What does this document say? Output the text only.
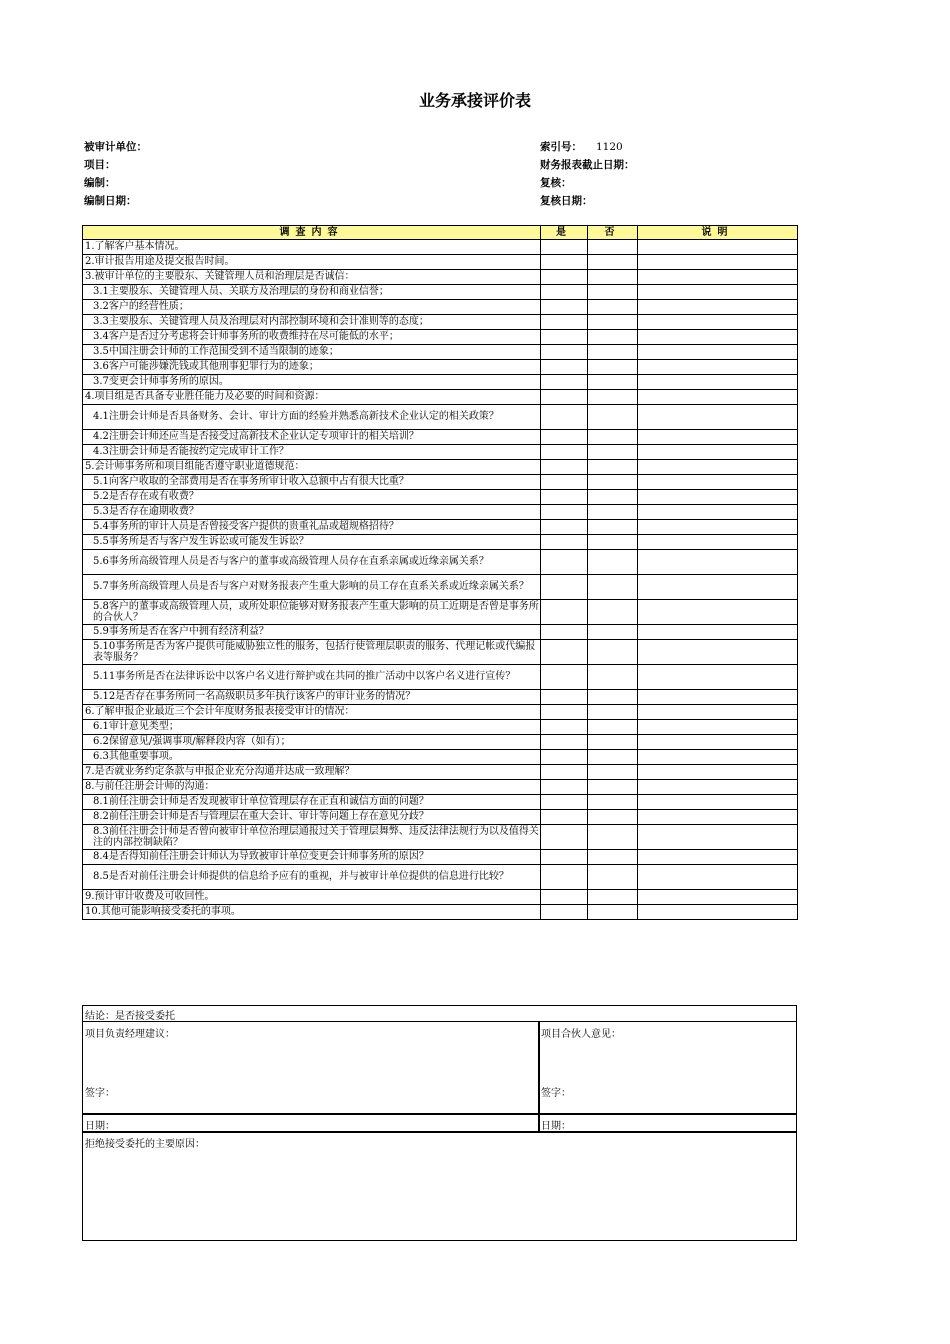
业务承接评价表
被审计单位：
项目：
编制：
编制日期：
索引号： 1120
财务报表截止日期：
复核：
复核日期：
调查内容	是	否	说明
1.了解客户基本情况。			
2.审计报告用途及提交报告时间。			
3.被审计单位的主要股东、关键管理人员和治理层是否诚信：			
3.1主要股东、关键管理人员、关联方及治理层的身份和商业信誉；			
3.2客户的经营性质；			
3.3主要股东、关键管理人员及治理层对内部控制环境和会计准则等的态度；			
3.4客户是否过分考虑将会计师事务所的收费维持在尽可能低的水平；			
3.5中国注册会计师的工作范围受到不适当限制的迹象；			
3.6客户可能涉嫌洗钱或其他刑事犯罪行为的迹象；			
3.7变更会计师事务所的原因。			
4.项目组是否具备专业胜任能力及必要的时间和资源：			
4.1注册会计师是否具备财务、会计、审计方面的经验并熟悉高新技术企业认定的相关政策？			
4.2注册会计师还应当是否接受过高新技术企业认定专项审计的相关培训？			
4.3注册会计师是否能按约定完成审计工作？			
5.会计师事务所和项目组能否遵守职业道德规范：			
5.1向客户收取的全部费用是否在事务所审计收入总额中占有很大比重？			
5.2是否存在或有收费？			
5.3是否存在逾期收费？			
5.4事务所的审计人员是否曾接受客户提供的贵重礼品或超规格招待？			
5.5事务所是否与客户发生诉讼或可能发生诉讼？			
5.6事务所高级管理人员是否与客户的董事或高级管理人员存在直系亲属或近缘亲属关系？			
5.7事务所高级管理人员是否与客户对财务报表产生重大影响的员工存在直系关系或近缘亲属关系？			
5.8客户的董事或高级管理人员，或所处职位能够对财务报表产生重大影响的员工近期是否曾是事务所的合伙人？			
5.9事务所是否在客户中拥有经济利益？			
5.10事务所是否为客户提供可能威胁独立性的服务，包括行使管理层职责的服务、代理记帐或代编报表等服务？			
5.11事务所是否在法律诉讼中以客户名义进行辩护或在共同的推广活动中以客户名义进行宣传？			
5.12是否存在事务所同一名高级职员多年执行该客户的审计业务的情况？			
6.了解申报企业最近三个会计年度财务报表接受审计的情况：			
6.1审计意见类型；			
6.2保留意见/强调事项/解释段内容（如有）；			
6.3其他重要事项。			
7.是否就业务约定条款与申报企业充分沟通并达成一致理解？			
8.与前任注册会计师的沟通：			
8.1前任注册会计师是否发现被审计单位管理层存在正直和诚信方面的问题？			
8.2前任注册会计师是否与管理层在重大会计、审计等问题上存在意见分歧？			
8.3前任注册会计师是否曾向被审计单位治理层通报过关于管理层舞弊、违反法律法规行为以及值得关注的内部控制缺陷？			
8.4是否得知前任注册会计师认为导致被审计单位变更会计师事务所的原因？			
8.5是否对前任注册会计师提供的信息给予应有的重视，并与被审计单位提供的信息进行比较？			
9.预计审计收费及可收回性。			
10.其他可能影响接受委托的事项。			
结论：是否接受委托
项目负责经理建议：
签字：
项目合伙人意见：
签字：
日期：	日期：
拒绝接受委托的主要原因：
